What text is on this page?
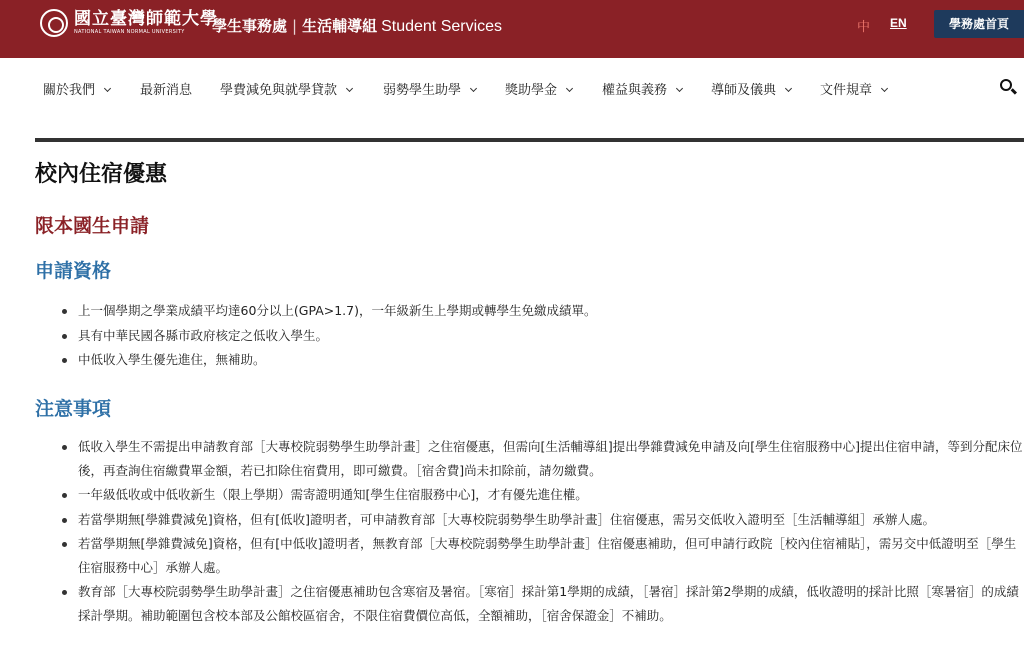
國立臺灣師範大學
NATIONAL TAIWAN NORMAL UNIVERSITY	學生事務處 | 生活輔導組 Student Services	中 EN	學務處首頁
關於我們	最新消息 學費減免與就學貸款	弱勢學生助學	獎助學金	權益與義務	導師及儀典	文件規章
校內住宿優惠
限本國生申請
申請資格
上一個學期之學業成績平均達60分以上(GPA>1.7)，一年級新生上學期或轉學生免繳成績單。
具有中華民國各縣市政府核定之低收入學生。
中低收入學生優先進住，無補助。
注意事項
低收入學生不需提出申請教育部［大專校院弱勢學生助學計畫］之住宿優惠，但需向[生活輔導組]提出學雜費減免申請及向[學生住宿服務中心]提出住宿申請，等到分配床位後，再查詢住宿繳費單金額，若已扣除住宿費用，即可繳費。［宿舍費]尚未扣除前，請勿繳費。
一年級低收或中低收新生（限上學期）需寄證明通知[學生住宿服務中心]，才有優先進住權。
若當學期無[學雜費減免]資格，但有[低收]證明者，可申請教育部［大專校院弱勢學生助學計畫］住宿優惠，需另交低收入證明至［生活輔導組］承辦人處。
若當學期無[學雜費減免]資格，但有[中低收]證明者，無教育部［大專校院弱勢學生助學計畫］住宿優惠補助，但可申請行政院［校內住宿補貼］，需另交中低證明至［學生住宿服務中心］承辦人處。
教育部［大專校院弱勢學生助學計畫］之住宿優惠補助包含寒宿及暑宿。［寒宿］採計第1學期的成績，［暑宿］採計第2學期的成績，低收證明的採計比照［寒暑宿］的成績採計學期。補助範圍包含校本部及公館校區宿舍，不限住宿費價位高低，全額補助，［宿舍保證金］不補助。
